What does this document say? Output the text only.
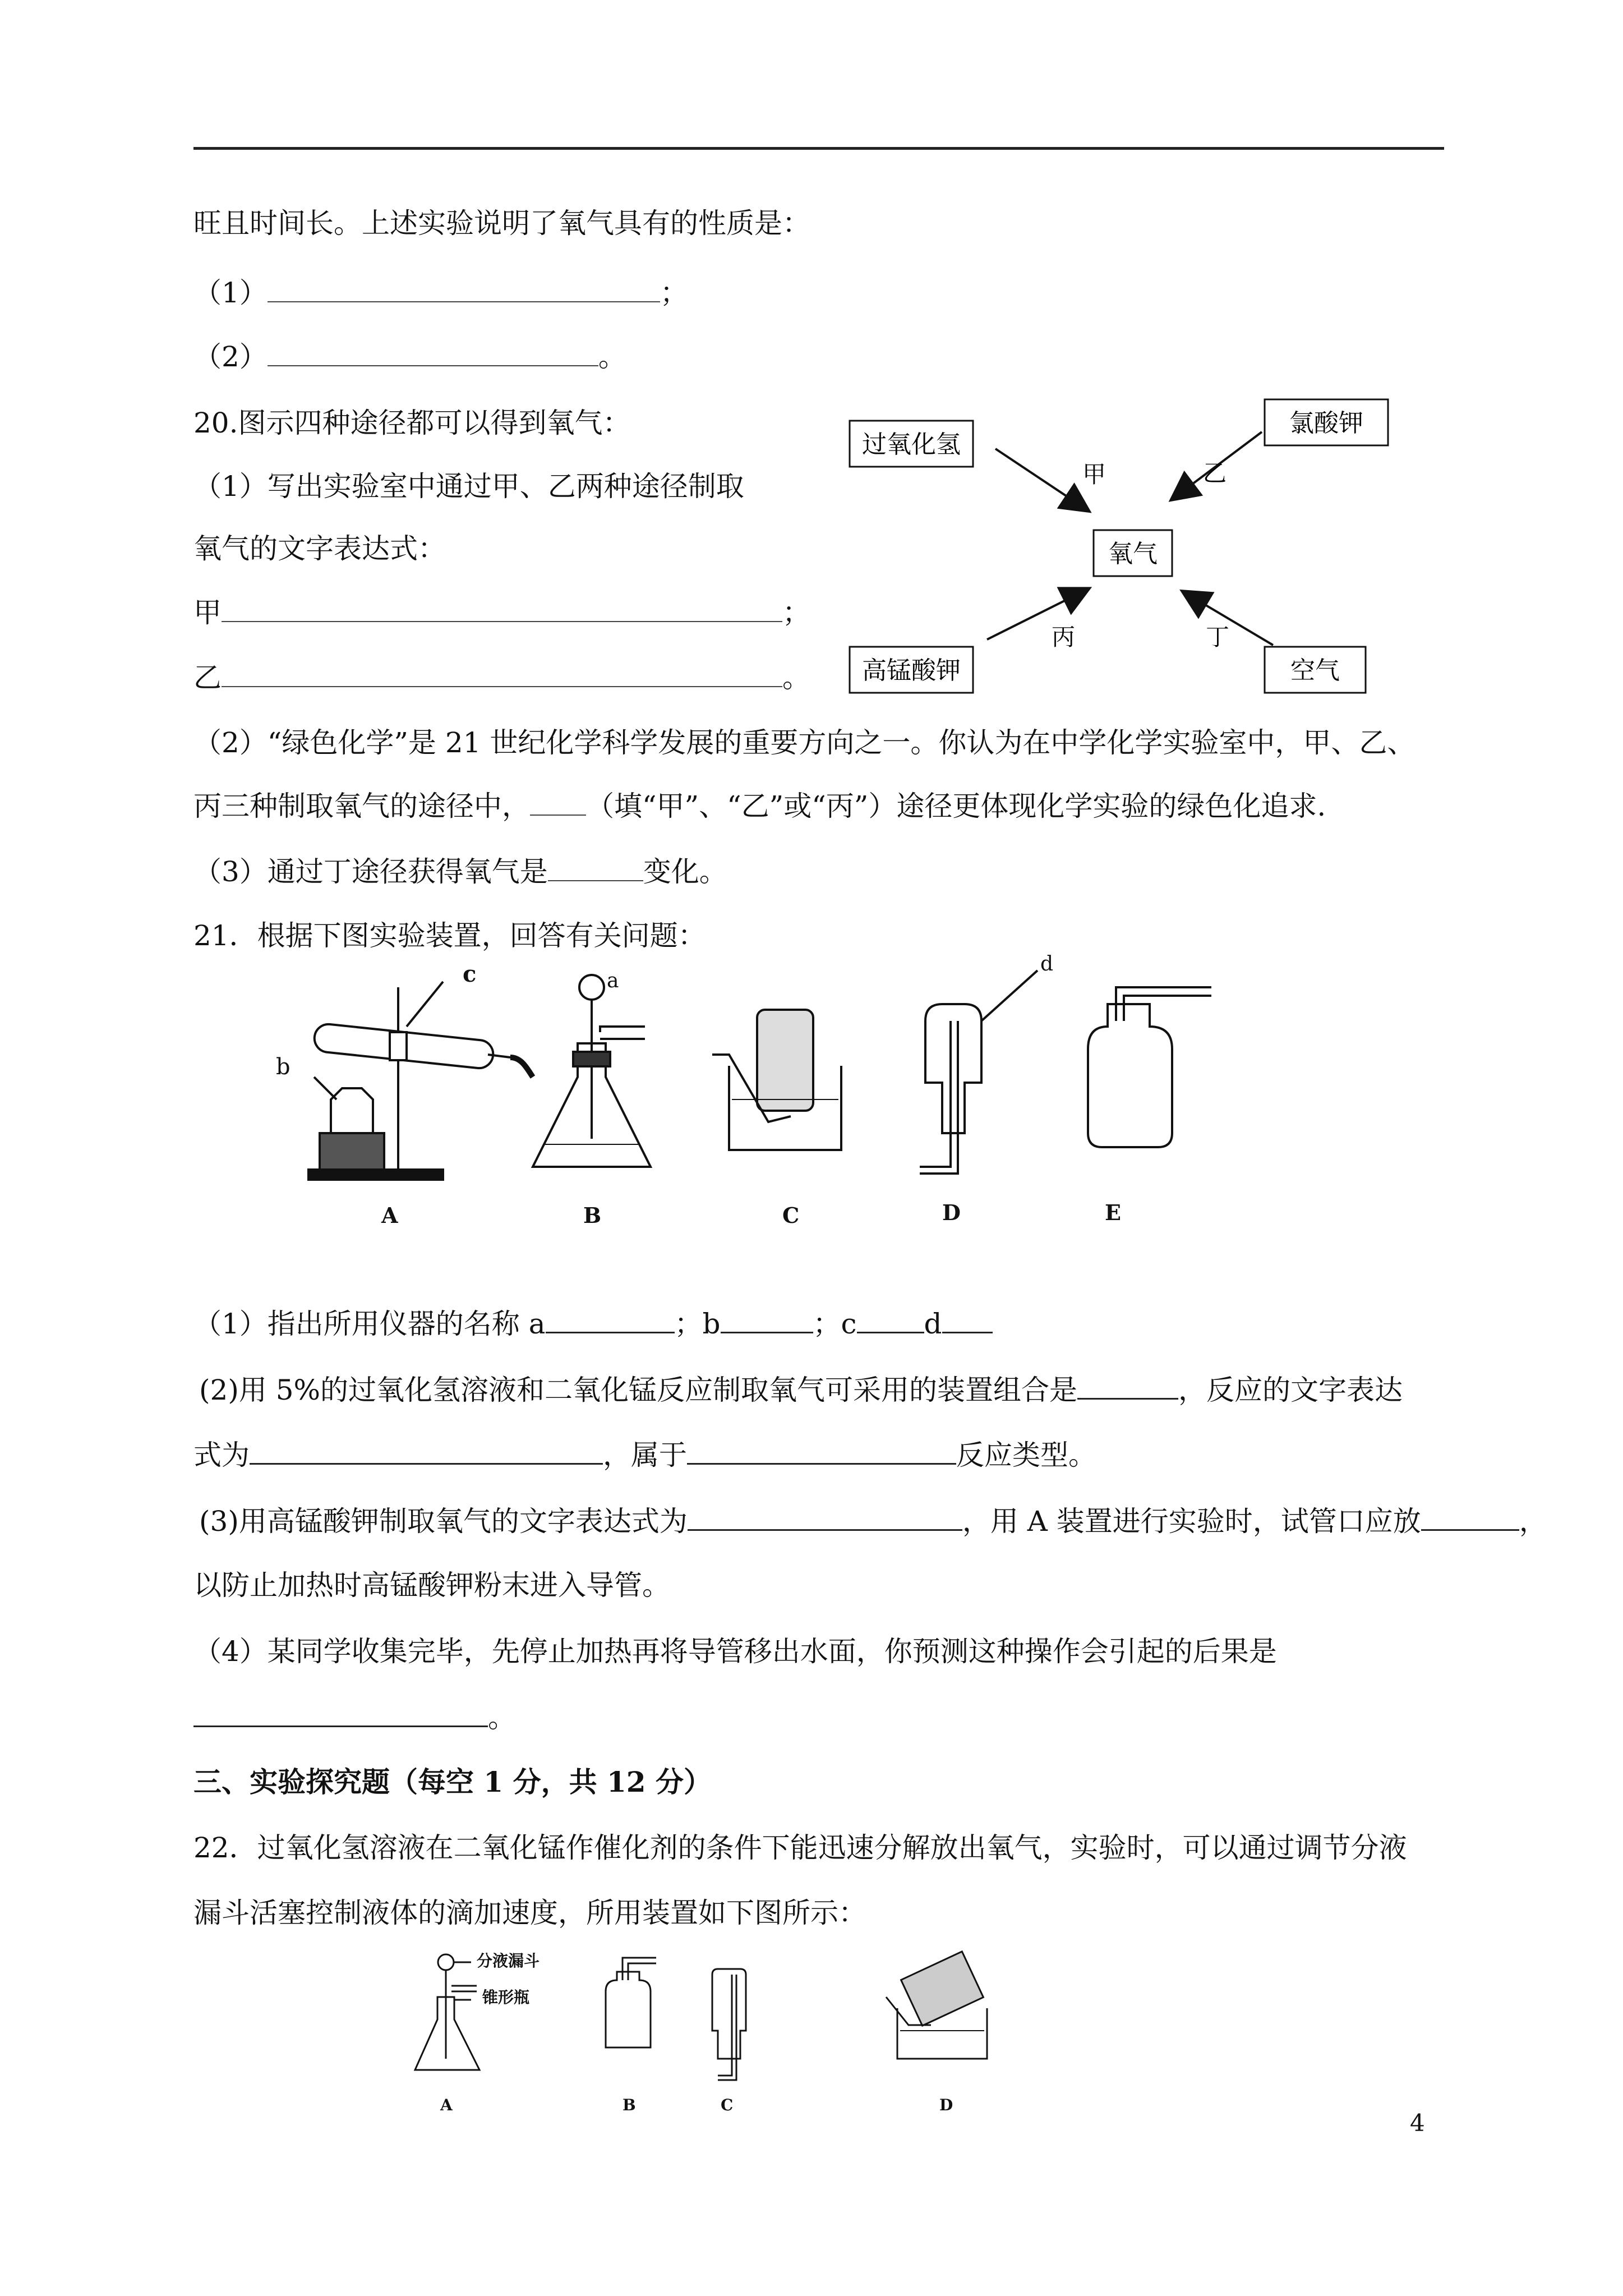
旺且时间长。上述实验说明了氧气具有的性质是：
（1）	；
（2）	。
20.图示四种途径都可以得到氧气：
（1）写出实验室中通过甲、乙两种途径制取
氧气的文字表达式：
甲	；
乙	。
过氧化氢
氯酸钾
氧气
高锰酸钾	空气
甲	乙
丙	丁
（2）“绿色化学”是 21 世纪化学科学发展的重要方向之一。你认为在中学化学实验室中，甲、乙、
丙三种制取氧气的途径中， （填“甲”、“乙”或“丙”）途径更体现化学实验的绿色化追求.
（3）通过丁途径获得氧气是	变化。
21．根据下图实验装置，回答有关问题：
c
b
a
d
A	B	C	D	E
（1）指出所用仪器的名称 a	；b	；c d
(2)用 5%的过氧化氢溶液和二氧化锰反应制取氧气可采用的装置组合是	，反应的文字表达
式为	，属于	反应类型。
(3)用高锰酸钾制取氧气的文字表达式为	，用 A 装置进行实验时，试管口应放	，
以防止加热时高锰酸钾粉末进入导管。
（4）某同学收集完毕，先停止加热再将导管移出水面，你预测这种操作会引起的后果是
。
三、实验探究题（每空 1 分，共 12 分）
22．过氧化氢溶液在二氧化锰作催化剂的条件下能迅速分解放出氧气，实验时，可以通过调节分液
漏斗活塞控制液体的滴加速度，所用装置如下图所示：
分液漏斗
锥形瓶
A	B	C	D
4
